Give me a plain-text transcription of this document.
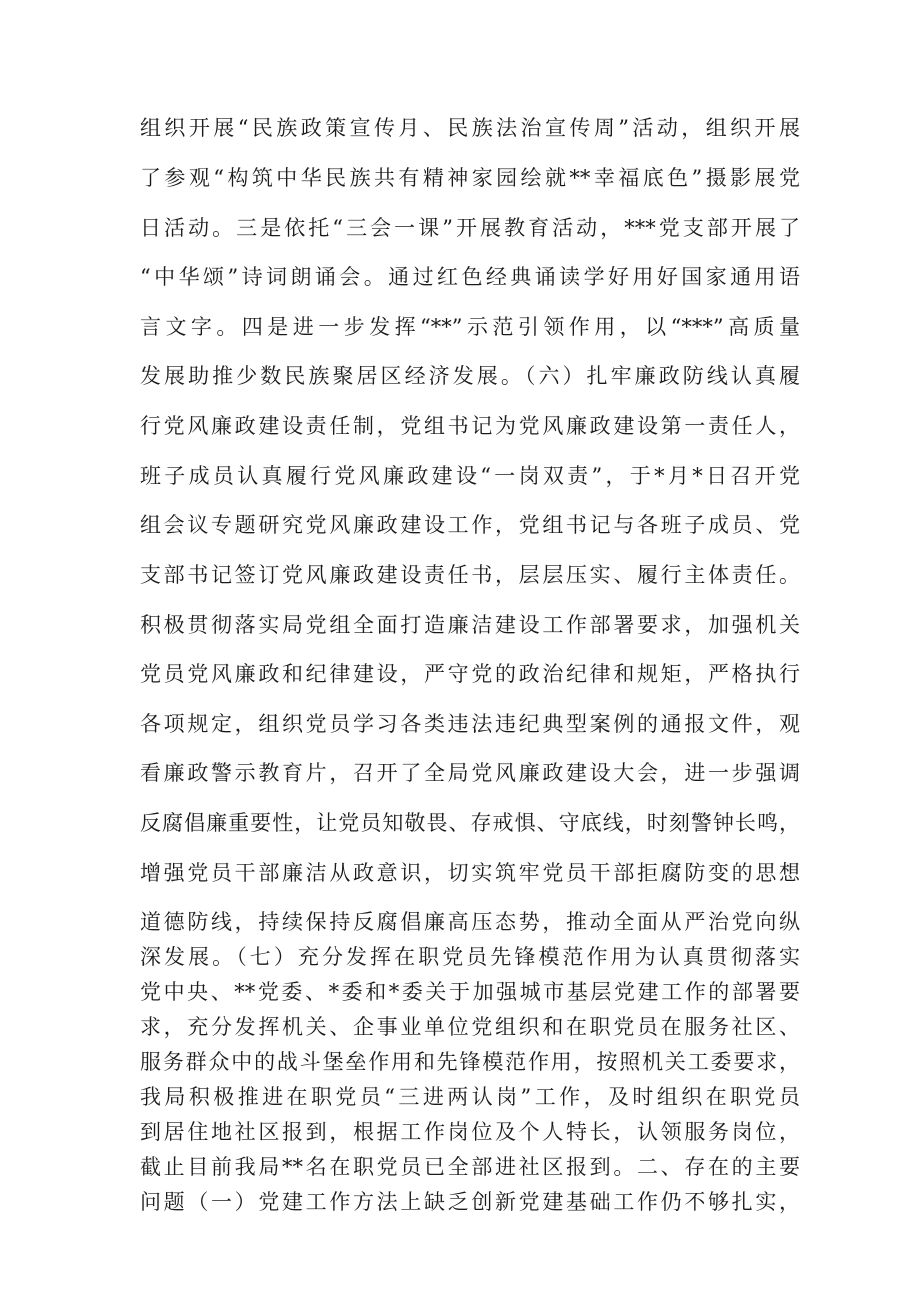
组织开展“民族政策宣传月、民族法治宣传周”活动，组织开展

了参观“构筑中华民族共有精神家园绘就**幸福底色”摄影展党

日活动。三是依托“三会一课”开展教育活动，***党支部开展了

“中华颂”诗词朗诵会。通过红色经典诵读学好用好国家通用语

言文字。四是进一步发挥“**”示范引领作用，以“***”高质量

发展助推少数民族聚居区经济发展。（六）扎牢廉政防线认真履

行党风廉政建设责任制，党组书记为党风廉政建设第一责任人，

班子成员认真履行党风廉政建设“一岗双责”，于*月*日召开党

组会议专题研究党风廉政建设工作，党组书记与各班子成员、党

支部书记签订党风廉政建设责任书，层层压实、履行主体责任。

积极贯彻落实局党组全面打造廉洁建设工作部署要求，加强机关

党员党风廉政和纪律建设，严守党的政治纪律和规矩，严格执行

各项规定，组织党员学习各类违法违纪典型案例的通报文件，观

看廉政警示教育片，召开了全局党风廉政建设大会，进一步强调

反腐倡廉重要性，让党员知敬畏、存戒惧、守底线，时刻警钟长鸣，

增强党员干部廉洁从政意识，切实筑牢党员干部拒腐防变的思想

道德防线，持续保持反腐倡廉高压态势，推动全面从严治党向纵

深发展。（七）充分发挥在职党员先锋模范作用为认真贯彻落实

党中央、**党委、*委和*委关于加强城市基层党建工作的部署要

求，充分发挥机关、企事业单位党组织和在职党员在服务社区、

服务群众中的战斗堡垒作用和先锋模范作用，按照机关工委要求，

我局积极推进在职党员“三进两认岗”工作，及时组织在职党员

到居住地社区报到，根据工作岗位及个人特长，认领服务岗位，

截止目前我局**名在职党员已全部进社区报到。二、存在的主要

问题（一）党建工作方法上缺乏创新党建基础工作仍不够扎实，
